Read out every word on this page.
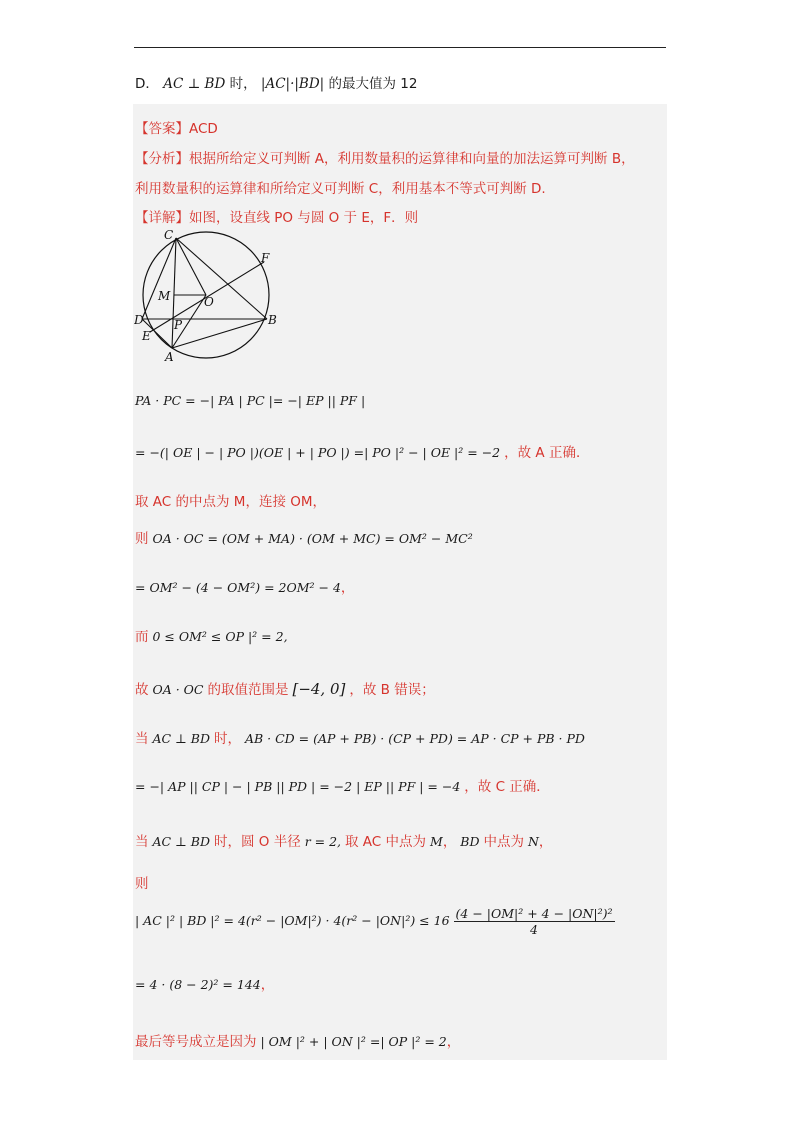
D． AC ⊥ BD 时， |AC|·|BD| 的最大值为 12
【答案】ACD
【分析】根据所给定义可判断 A，利用数量积的运算律和向量的加法运算可判断 B，
利用数量积的运算律和所给定义可判断 C，利用基本不等式可判断 D.
【详解】如图，设直线 PO 与圆 O 于 E，F．则
C
F
M	O
D	P	B
E
A
PA · PC = −| PA | PC |= −| EP || PF |
= −(| OE | − | PO |)(OE | + | PO |) =| PO |² − | OE |² = −2 ，故 A 正确．
取 AC 的中点为 M，连接 OM，
则 OA · OC = (OM + MA) · (OM + MC) = OM² − MC²
= OM² − (4 − OM²) = 2OM² − 4，
而 0 ≤ OM² ≤ OP |² = 2,
故 OA · OC 的取值范围是 [−4, 0] ，故 B 错误；
当 AC ⊥ BD 时， AB · CD = (AP + PB) · (CP + PD) = AP · CP + PB · PD
= −| AP || CP | − | PB || PD | = −2 | EP || PF | = −4 ，故 C 正确．
当 AC ⊥ BD 时，圆 O 半径 r = 2, 取 AC 中点为 M， BD 中点为 N，
则
| AC |² | BD $|^2 = 4(r^2 - |OM|^2) \cdot 4(r^2 - |ON|^2) \le 16 \frac{\text{(4 − |OM|² + 4 − |ON|²)²}}{4}$
= 4 · (8 − 2)² = 144，
最后等号成立是因为 | OM |² + | ON |² =| OP |² = 2，
